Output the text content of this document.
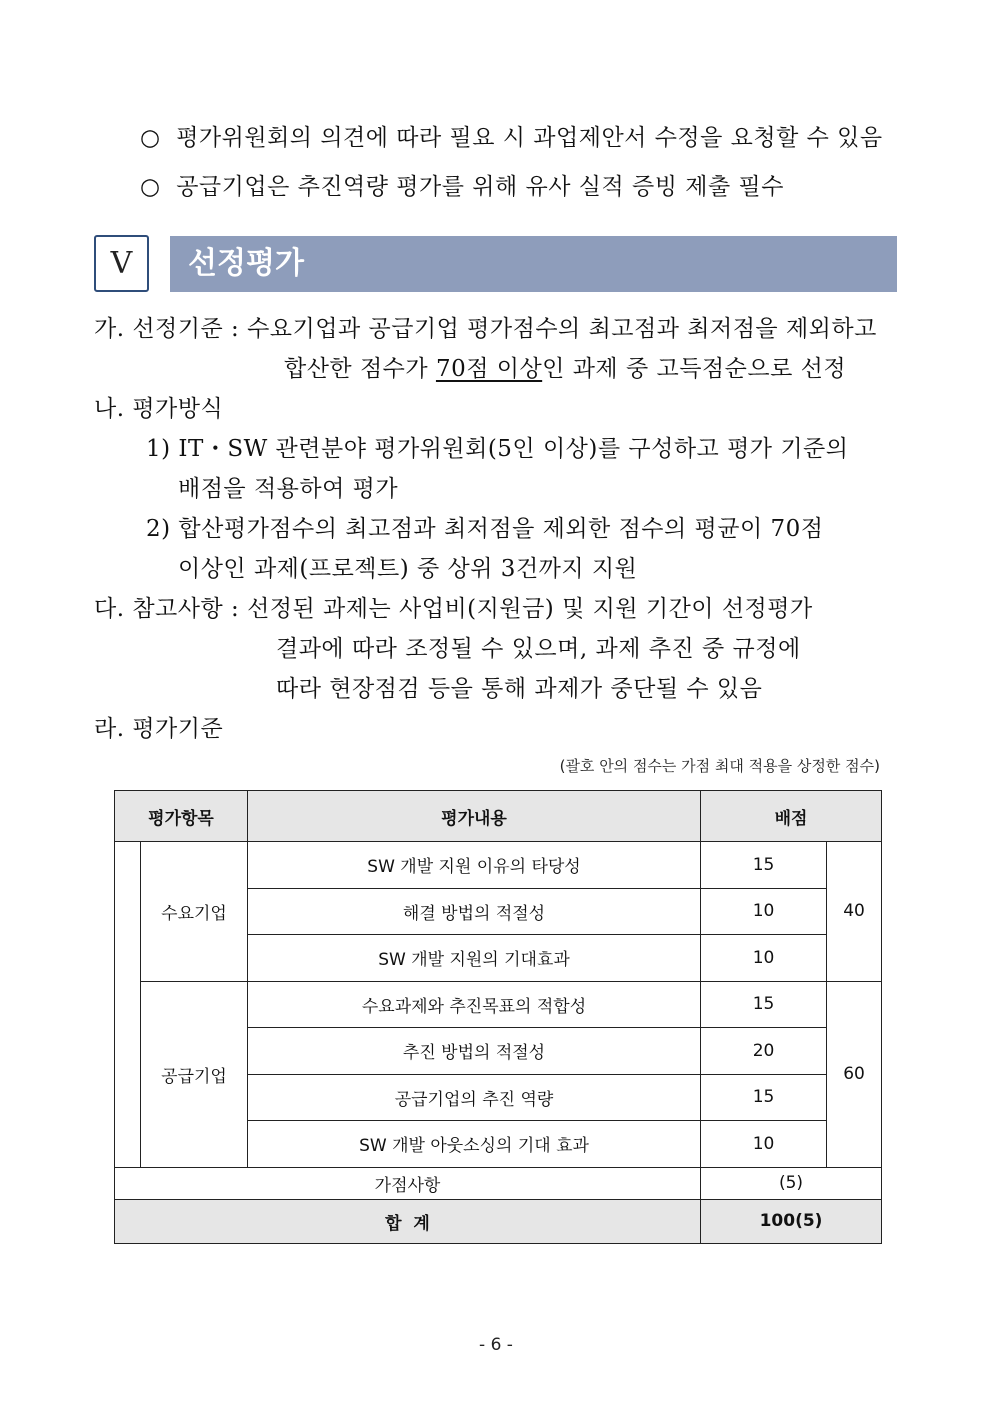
○ 평가위원회의 의견에 따라 필요 시 과업제안서 수정을 요청할 수 있음
○ 공급기업은 추진역량 평가를 위해 유사 실적 증빙 제출 필수
Ⅴ	선정평가
가. 선정기준 : 수요기업과 공급기업 평가점수의 최고점과 최저점을 제외하고
합산한 점수가 70점 이상인 과제 중 고득점순으로 선정
나. 평가방식
1) IT・SW 관련분야 평가위원회(5인 이상)를 구성하고 평가 기준의
배점을 적용하여 평가
2) 합산평가점수의 최고점과 최저점을 제외한 점수의 평균이 70점
이상인 과제(프로젝트) 중 상위 3건까지 지원
다. 참고사항 : 선정된 과제는 사업비(지원금) 및 지원 기간이 선정평가
결과에 따라 조정될 수 있으며, 과제 추진 중 규정에
따라 현장점검 등을 통해 과제가 중단될 수 있음
라. 평가기준
(괄호 안의 점수는 가점 최대 적용을 상정한 점수)
평가항목		평가내용	배점	
	수요기업	SW 개발 지원 이유의 타당성	15	40
		해결 방법의 적절성	10	
		SW 개발 지원의 기대효과	10	
	공급기업	수요과제와 추진목표의 적합성	15	60
		추진 방법의 적절성	20	
		공급기업의 추진 역량	15	
		SW 개발 아웃소싱의 기대 효과	10	
가점사항			(5)	
합  계			100(5)	
- 6 -
